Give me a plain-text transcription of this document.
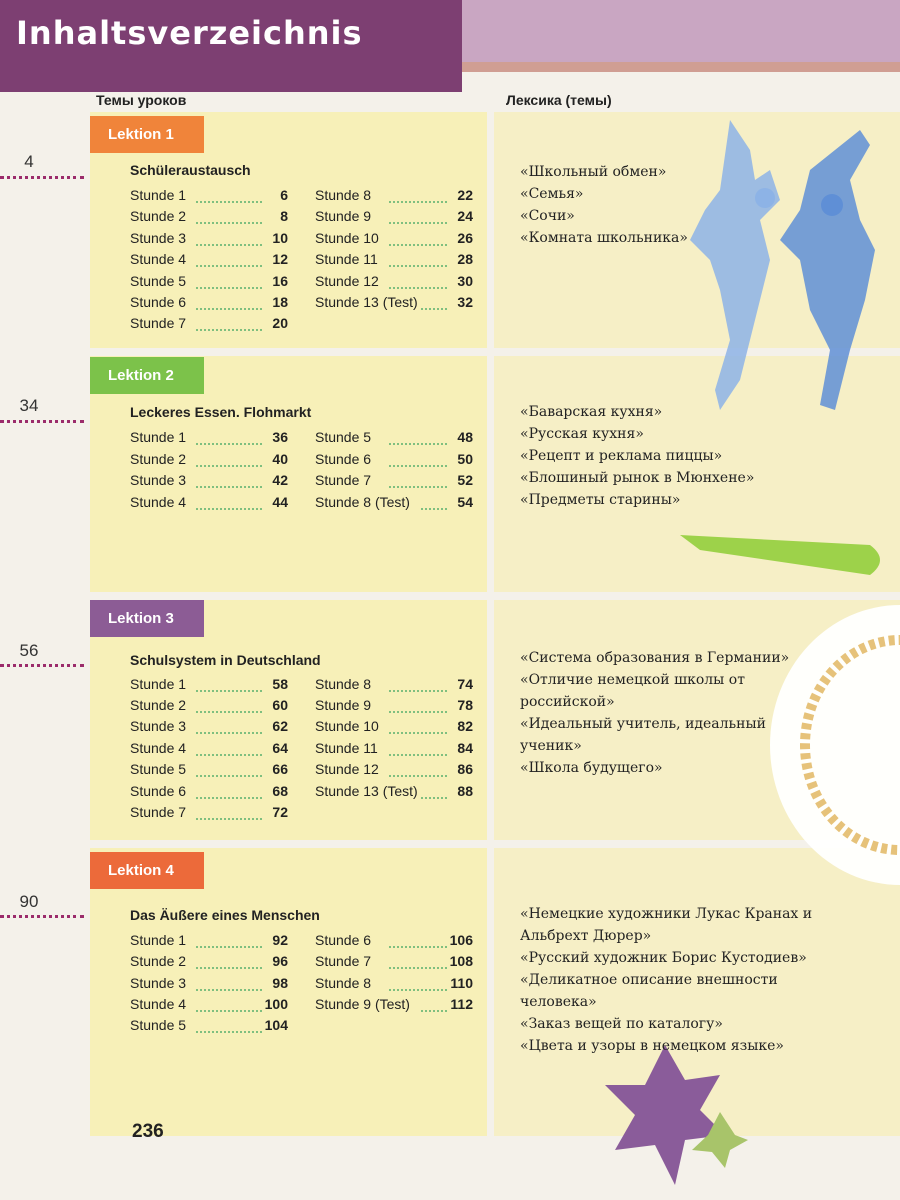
Inhaltsverzeichnis
Темы уроков	Лексика (темы)
Lektion 1
4	Schüleraustausch
Stunde 1	6
Stunde 2	8
Stunde 3	10
Stunde 4	12
Stunde 5	16
Stunde 6	18
Stunde 7	20
Stunde 8	22
Stunde 9	24
Stunde 10	26
Stunde 11	28
Stunde 12	30
Stunde 13 (Test)	32

«Школьный обмен»

«Семья»

«Сочи»

«Комната школьника»

Lektion 2
34	Leckeres Essen. Flohmarkt
Stunde 1	36
Stunde 2	40
Stunde 3	42
Stunde 4	44
Stunde 5	48
Stunde 6	50
Stunde 7	52
Stunde 8 (Test)	54

«Баварская кухня»

«Русская кухня»

«Рецепт и реклама пиццы»

«Блошиный рынок в Мюнхене»

«Предметы старины»

Lektion 3
56	Schulsystem in Deutschland
Stunde 1	58
Stunde 2	60
Stunde 3	62
Stunde 4	64
Stunde 5	66
Stunde 6	68
Stunde 7	72
Stunde 8	74
Stunde 9	78
Stunde 10	82
Stunde 11	84
Stunde 12	86
Stunde 13 (Test)	88

«Система образования в Германии»

«Отличие немецкой школы от российской»

«Идеальный учитель, идеальный ученик»

«Школа будущего»

Lektion 4
90
Das Äußere eines Menschen
Stunde 1	92
Stunde 2	96
Stunde 3	98
Stunde 4	100
Stunde 5	104
Stunde 6	106
Stunde 7	108
Stunde 8	110
Stunde 9 (Test)	112

«Немецкие художники Лукас Кранах и Альбрехт Дюрер»

«Русский художник Борис Кустодиев»

«Деликатное описание внешности человека»

«Заказ вещей по каталогу»

«Цвета и узоры в немецком языке»

236
